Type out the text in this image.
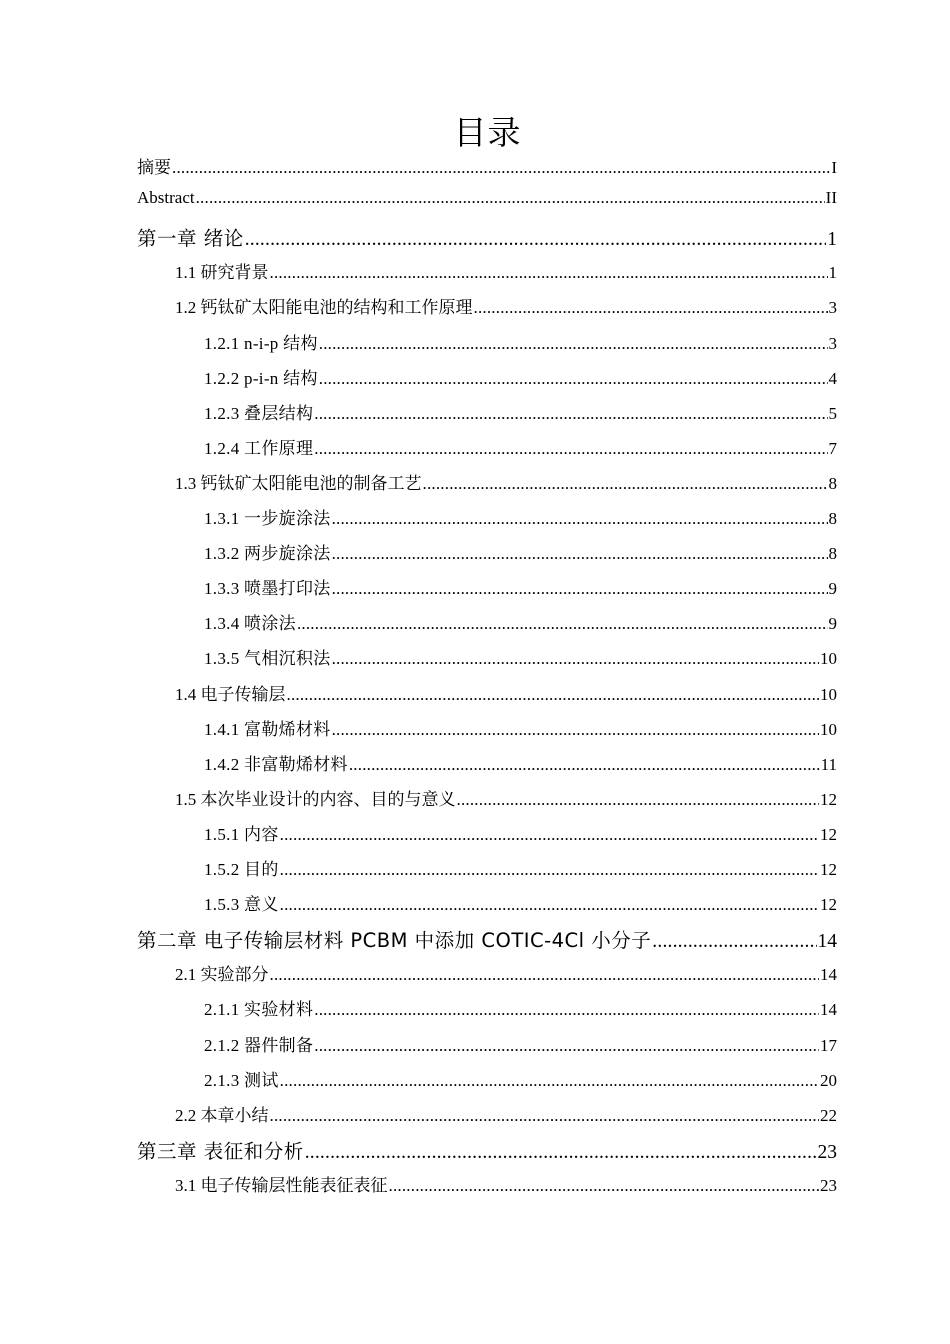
目录
摘要 .....	I
Abstract .....	II
第一章 绪论 .....	1
1.1 研究背景 .....	1
1.2 钙钛矿太阳能电池的结构和工作原理 .....	3
1.2.1 n-i-p 结构 .....	3
1.2.2 p-i-n 结构 .....	4
1.2.3 叠层结构 .....	5
1.2.4 工作原理 .....	7
1.3 钙钛矿太阳能电池的制备工艺 .....	8
1.3.1 一步旋涂法 .....	8
1.3.2 两步旋涂法 .....	8
1.3.3 喷墨打印法 .....	9
1.3.4 喷涂法 .....	9
1.3.5 气相沉积法 .....	10
1.4 电子传输层 .....	10
1.4.1 富勒烯材料 .....	10
1.4.2 非富勒烯材料 .....	11
1.5 本次毕业设计的内容、目的与意义 .....	12
1.5.1 内容 .....	12
1.5.2 目的 .....	12
1.5.3 意义 .....	12
第二章 电子传输层材料 PCBM 中添加 COTIC-4Cl 小分子 .....	14
2.1 实验部分 .....	14
2.1.1 实验材料 .....	14
2.1.2 器件制备 .....	17
2.1.3 测试 .....	20
2.2 本章小结 .....	22
第三章 表征和分析 .....	23
3.1 电子传输层性能表征表征 .....	23
